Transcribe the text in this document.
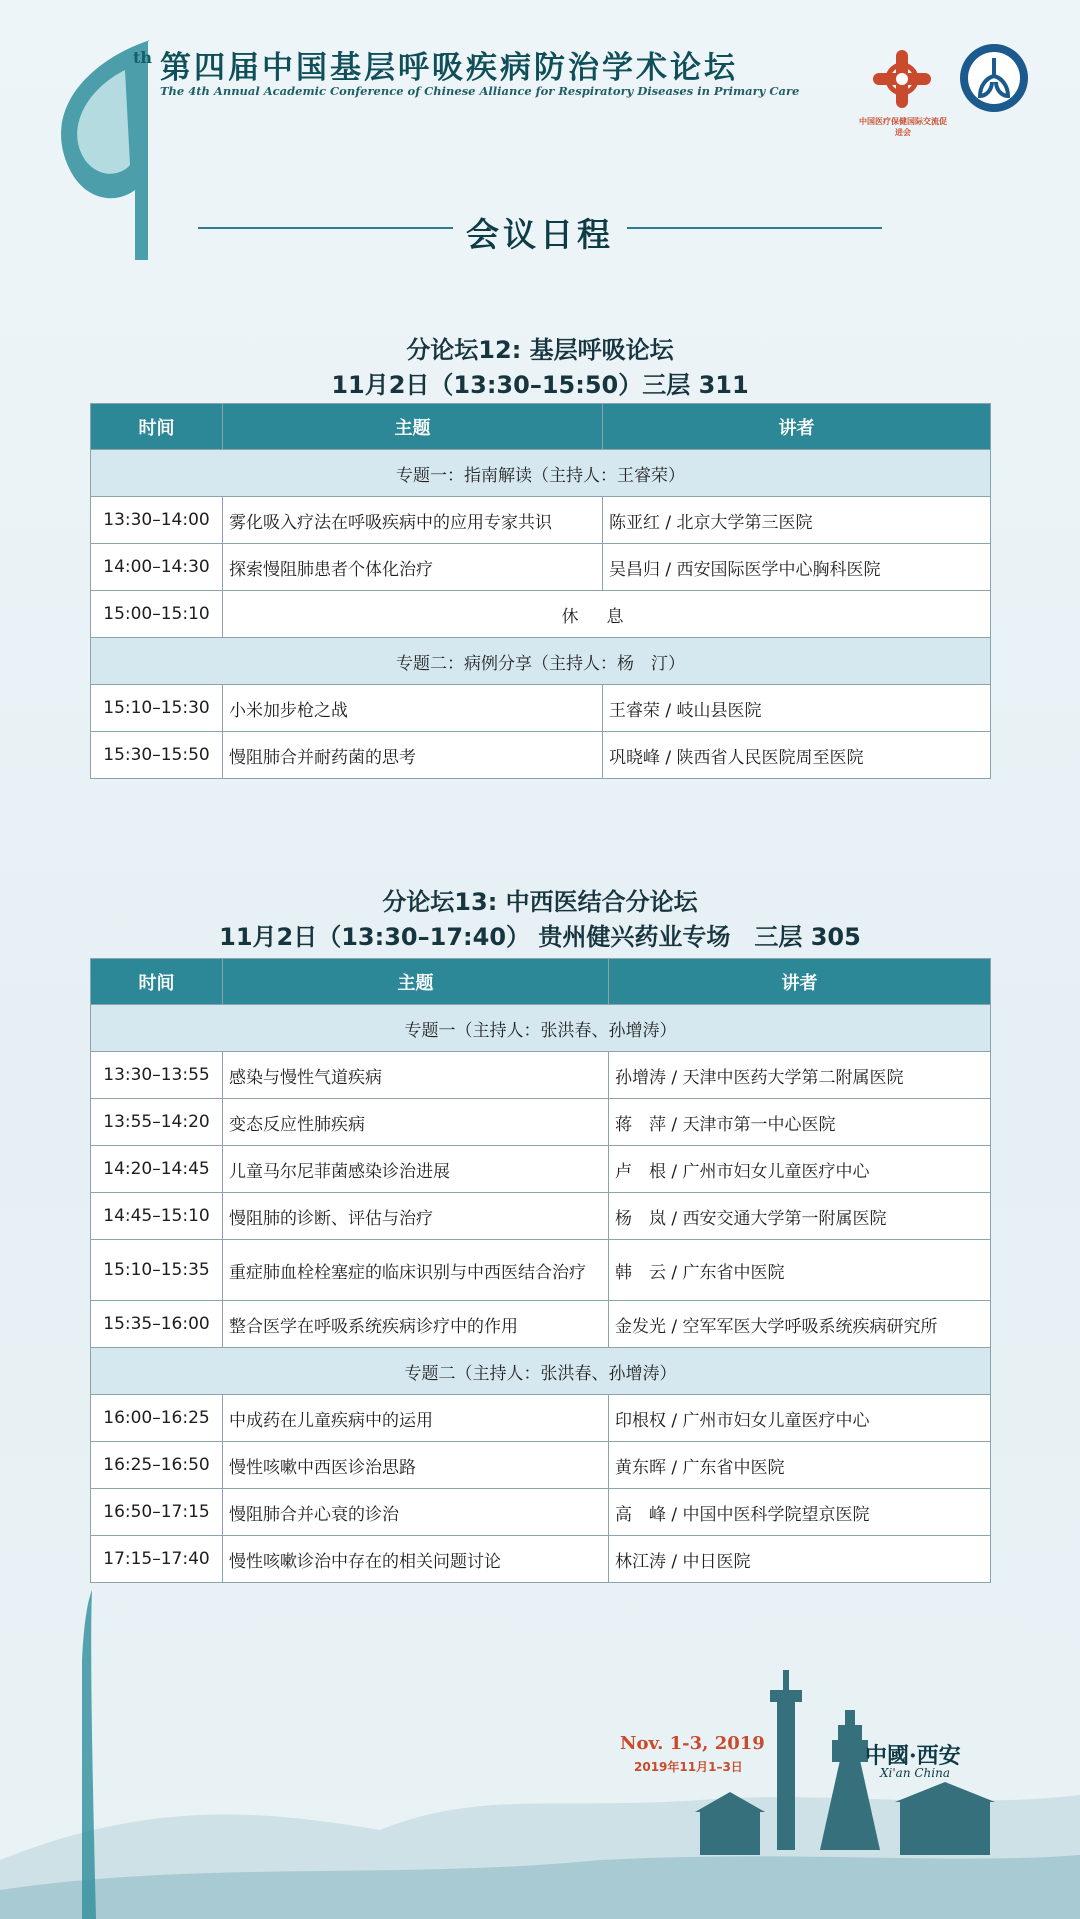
th 第四届中国基层呼吸疾病防治学术论坛
The 4th Annual Academic Conference of Chinese Alliance for Respiratory Diseases in Primary Care
中国医疗保健国际交流促进会
会议日程
分论坛12: 基层呼吸论坛
11月2日（13:30–15:50）三层 311
时间	主题	讲者
专题一：指南解读（主持人：王睿荣）		
13:30–14:00	雾化吸入疗法在呼吸疾病中的应用专家共识	陈亚红 / 北京大学第三医院
14:00–14:30	探索慢阻肺患者个体化治疗	吴昌归 / 西安国际医学中心胸科医院
15:00–15:10	休息	
专题二：病例分享（主持人：杨　汀）		
15:10–15:30	小米加步枪之战	王睿荣 / 岐山县医院
15:30–15:50	慢阻肺合并耐药菌的思考	巩晓峰 / 陕西省人民医院周至医院
分论坛13: 中西医结合分论坛
11月2日（13:30–17:40） 贵州健兴药业专场　三层 305
时间	主题	讲者
专题一（主持人：张洪春、孙增涛）		
13:30–13:55	感染与慢性气道疾病	孙增涛 / 天津中医药大学第二附属医院
13:55–14:20	变态反应性肺疾病	蒋　萍 / 天津市第一中心医院
14:20–14:45	儿童马尔尼菲菌感染诊治进展	卢　根 / 广州市妇女儿童医疗中心
14:45–15:10	慢阻肺的诊断、评估与治疗	杨　岚 / 西安交通大学第一附属医院
15:10–15:35	重症肺血栓栓塞症的临床识别与中西医结合治疗	韩　云 / 广东省中医院
15:35–16:00	整合医学在呼吸系统疾病诊疗中的作用	金发光 / 空军军医大学呼吸系统疾病研究所
专题二（主持人：张洪春、孙增涛）		
16:00–16:25	中成药在儿童疾病中的运用	印根权 / 广州市妇女儿童医疗中心
16:25–16:50	慢性咳嗽中西医诊治思路	黄东晖 / 广东省中医院
16:50–17:15	慢阻肺合并心衰的诊治	高　峰 / 中国中医科学院望京医院
17:15–17:40	慢性咳嗽诊治中存在的相关问题讨论	林江涛 / 中日医院
Nov. 1-3, 2019
2019年11月1–3日	中國·西安
Xi'an China
